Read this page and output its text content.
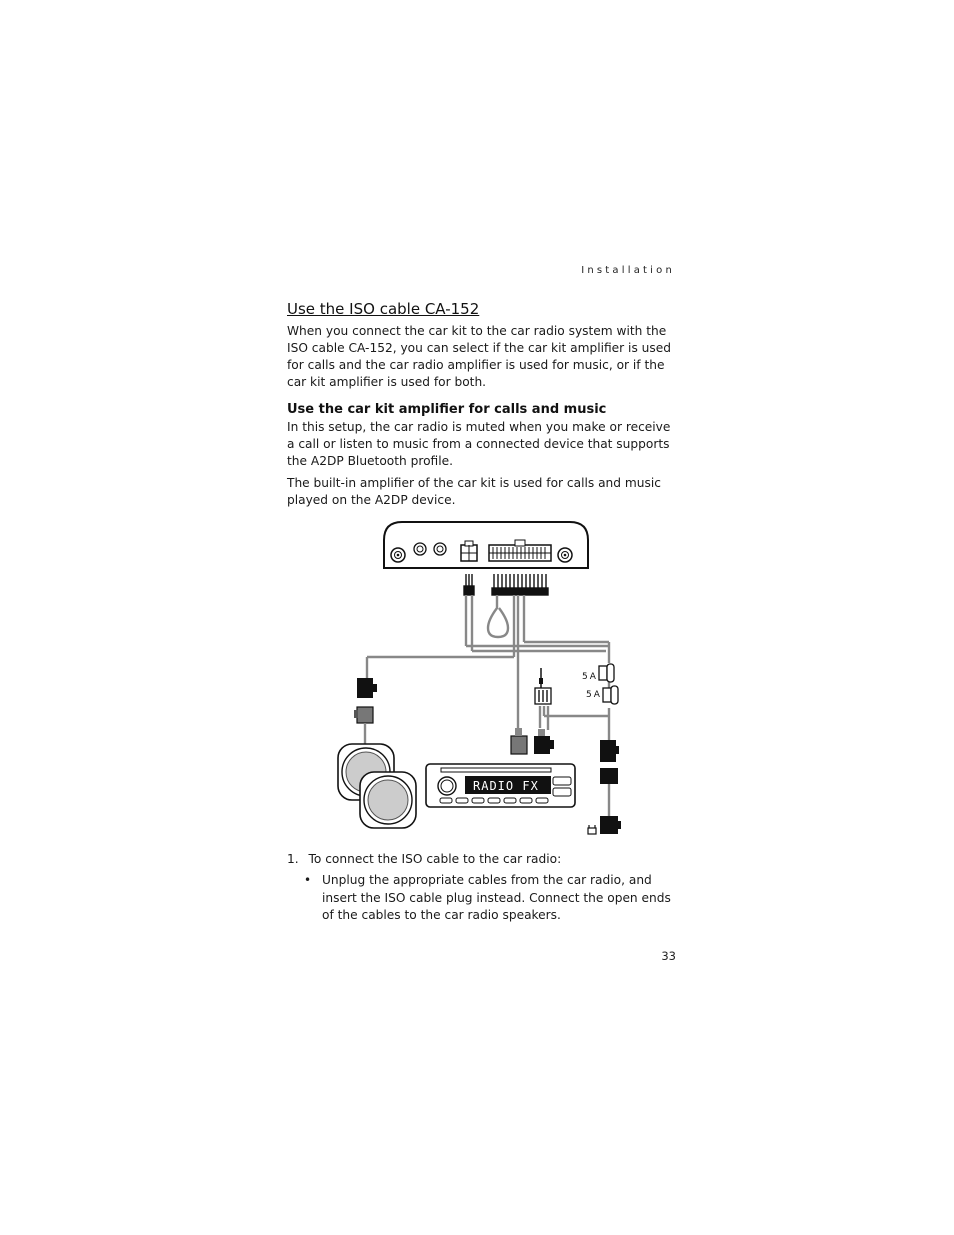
Installation
Use the ISO cable CA-152

When you connect the car kit to the car radio system with the ISO cable CA-152, you can select if the car kit amplifier is used for calls and the car radio amplifier is used for music, or if the car kit amplifier is used for both.

Use the car kit amplifier for calls and music

In this setup, the car radio is muted when you make or receive a call or listen to music from a connected device that supports the A2DP Bluetooth profile.

The built-in amplifier of the car kit is used for calls and music played on the A2DP device.

5A
5A
RADIO FX
1. To connect the ISO cable to the car radio:
• Unplug the appropriate cables from the car radio, and insert the ISO cable plug instead. Connect the open ends of the cables to the car radio speakers.
33
